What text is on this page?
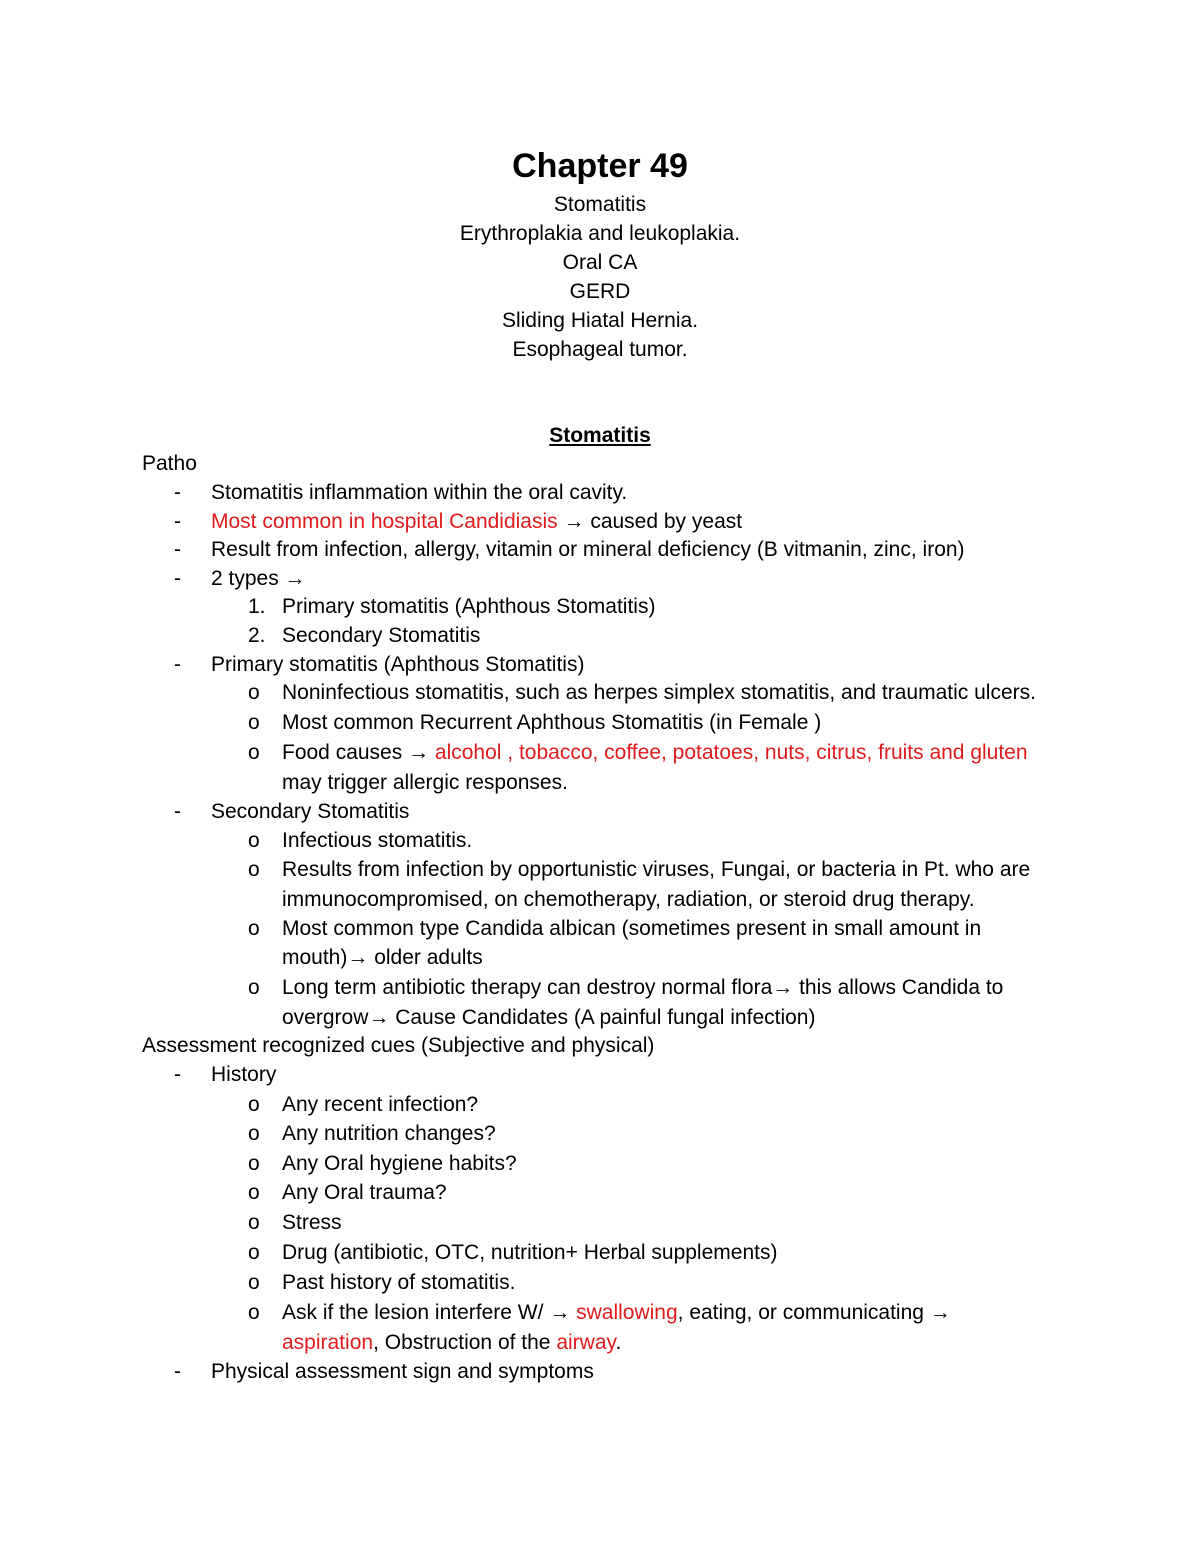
Chapter 49
Stomatitis
Erythroplakia and leukoplakia.
Oral CA
GERD
Sliding Hiatal Hernia.
Esophageal tumor.
Stomatitis
Patho
- Stomatitis inflammation within the oral cavity.
- Most common in hospital Candidiasis → caused by yeast
- Result from infection, allergy, vitamin or mineral deficiency (B vitmanin, zinc, iron)
- 2 types →
1. Primary stomatitis (Aphthous Stomatitis)
2. Secondary Stomatitis
- Primary stomatitis (Aphthous Stomatitis)
o Noninfectious stomatitis, such as herpes simplex stomatitis, and traumatic ulcers.
o Most common Recurrent Aphthous Stomatitis (in Female )
o Food causes → alcohol , tobacco, coffee, potatoes, nuts, citrus, fruits and gluten
may trigger allergic responses.
- Secondary Stomatitis
o Infectious stomatitis.
o Results from infection by opportunistic viruses, Fungai, or bacteria in Pt. who are
immunocompromised, on chemotherapy, radiation, or steroid drug therapy.
o Most common type Candida albican (sometimes present in small amount in
mouth)→ older adults
o Long term antibiotic therapy can destroy normal flora→ this allows Candida to
overgrow→ Cause Candidates (A painful fungal infection)
Assessment recognized cues (Subjective and physical)
- History
o Any recent infection?
o Any nutrition changes?
o Any Oral hygiene habits?
o Any Oral trauma?
o Stress
o Drug (antibiotic, OTC, nutrition+ Herbal supplements)
o Past history of stomatitis.
o Ask if the lesion interfere W/ → swallowing, eating, or communicating →
aspiration, Obstruction of the airway.
- Physical assessment sign and symptoms
